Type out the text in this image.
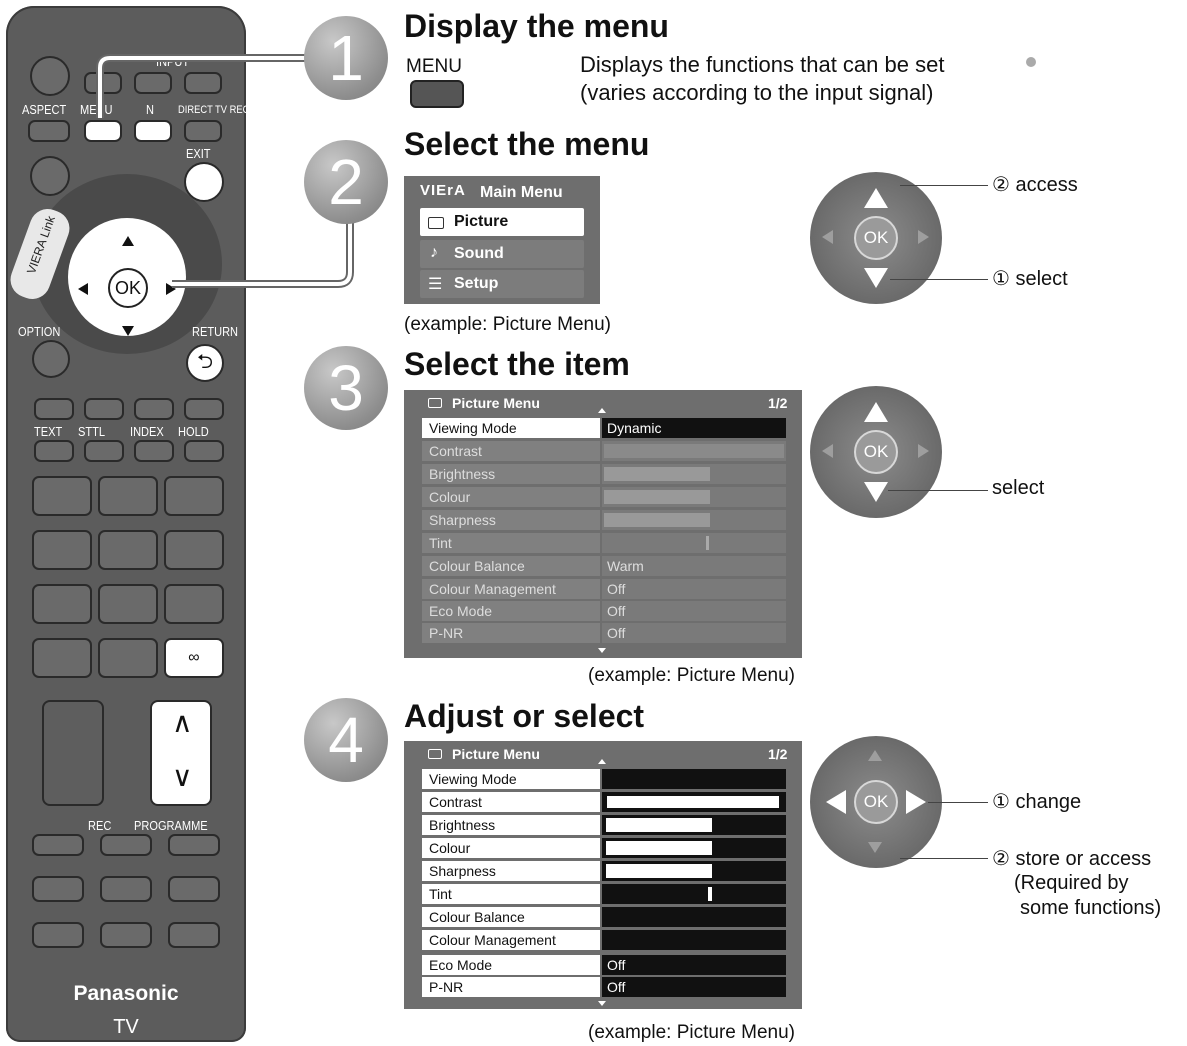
INPUT
ASPECT MENU	N DIRECT TV REC
EXIT
VIERA Link
OK
OPTION	RETURN
⮌
TEXT STTL INDEX HOLD
∞
∧
∨
REC PROGRAMME
Panasonic
TV
1	Display the menu
MENU	Displays the functions that can be set
(varies according to the input signal)
2
Select the menu
VIErA Main Menu
Picture
♪ Sound
☰ Setup
(example: Picture Menu)
OK
② access
① select
3	Select the item
Picture Menu	1/2
Viewing Mode	Dynamic
Contrast
Brightness
Colour
Sharpness
Tint
Colour Balance	Warm
Colour Management	Off
Eco Mode	Off
P-NR	Off
(example: Picture Menu)
OK
select
4	Adjust or select
Picture Menu	1/2
Viewing Mode
Contrast
Brightness
Colour
Sharpness
Tint
Colour Balance
Colour Management
Eco Mode	Off
P-NR	Off
(example: Picture Menu)
OK	① change
② store or access
(Required by
some functions)
